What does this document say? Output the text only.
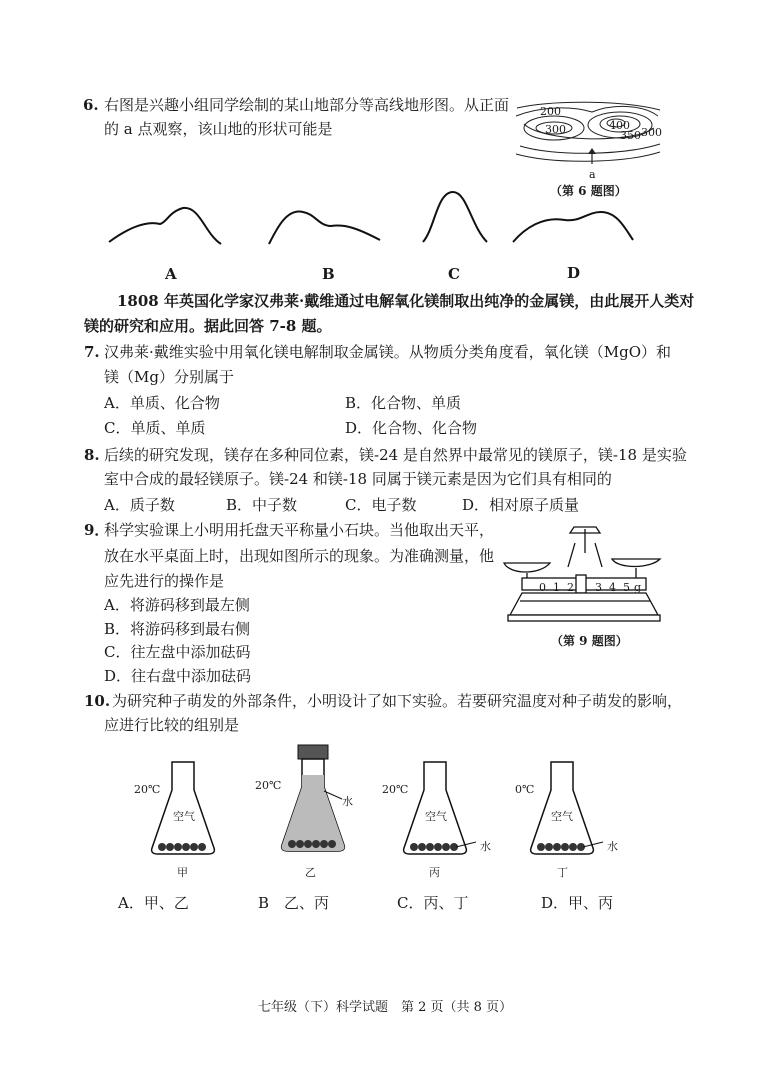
6. 右图是兴趣小组同学绘制的某山地部分等高线地形图。从正面
的 a 点观察，该山地的形状可能是
200
300	400
350 300
a
（第 6 题图）
A	B	C	D
1808 年英国化学家汉弗莱·戴维通过电解氧化镁制取出纯净的金属镁，由此展开人类对
镁的研究和应用。据此回答 7-8 题。
7. 汉弗莱·戴维实验中用氧化镁电解制取金属镁。从物质分类角度看，氧化镁（MgO）和
镁（Mg）分别属于
A．单质、化合物	B．化合物、单质
C．单质、单质	D．化合物、化合物
8. 后续的研究发现，镁存在多种同位素，镁-24 是自然界中最常见的镁原子，镁-18 是实验
室中合成的最轻镁原子。镁-24 和镁-18 同属于镁元素是因为它们具有相同的
A．质子数	B．中子数	C．电子数	D．相对原子质量
9．
科学实验课上小明用托盘天平称量小石块。当他取出天平，
放在水平桌面上时，出现如图所示的现象。为准确测量，他
应先进行的操作是
A．将游码移到最左侧
B．将游码移到最右侧
C．往左盘中添加砝码
D．往右盘中添加砝码
0 1 2 3 4 5 g
（第 9 题图）
10. 为研究种子萌发的外部条件，小明设计了如下实验。若要研究温度对种子萌发的影响，
应进行比较的组别是
20℃
空气
甲
20℃
水
乙
20℃
空气
水
丙
0℃
空气
水
丁
A．甲、乙	B　乙、丙	C．丙、丁	D．甲、丙
七年级（下）科学试题　第 2 页（共 8 页）
